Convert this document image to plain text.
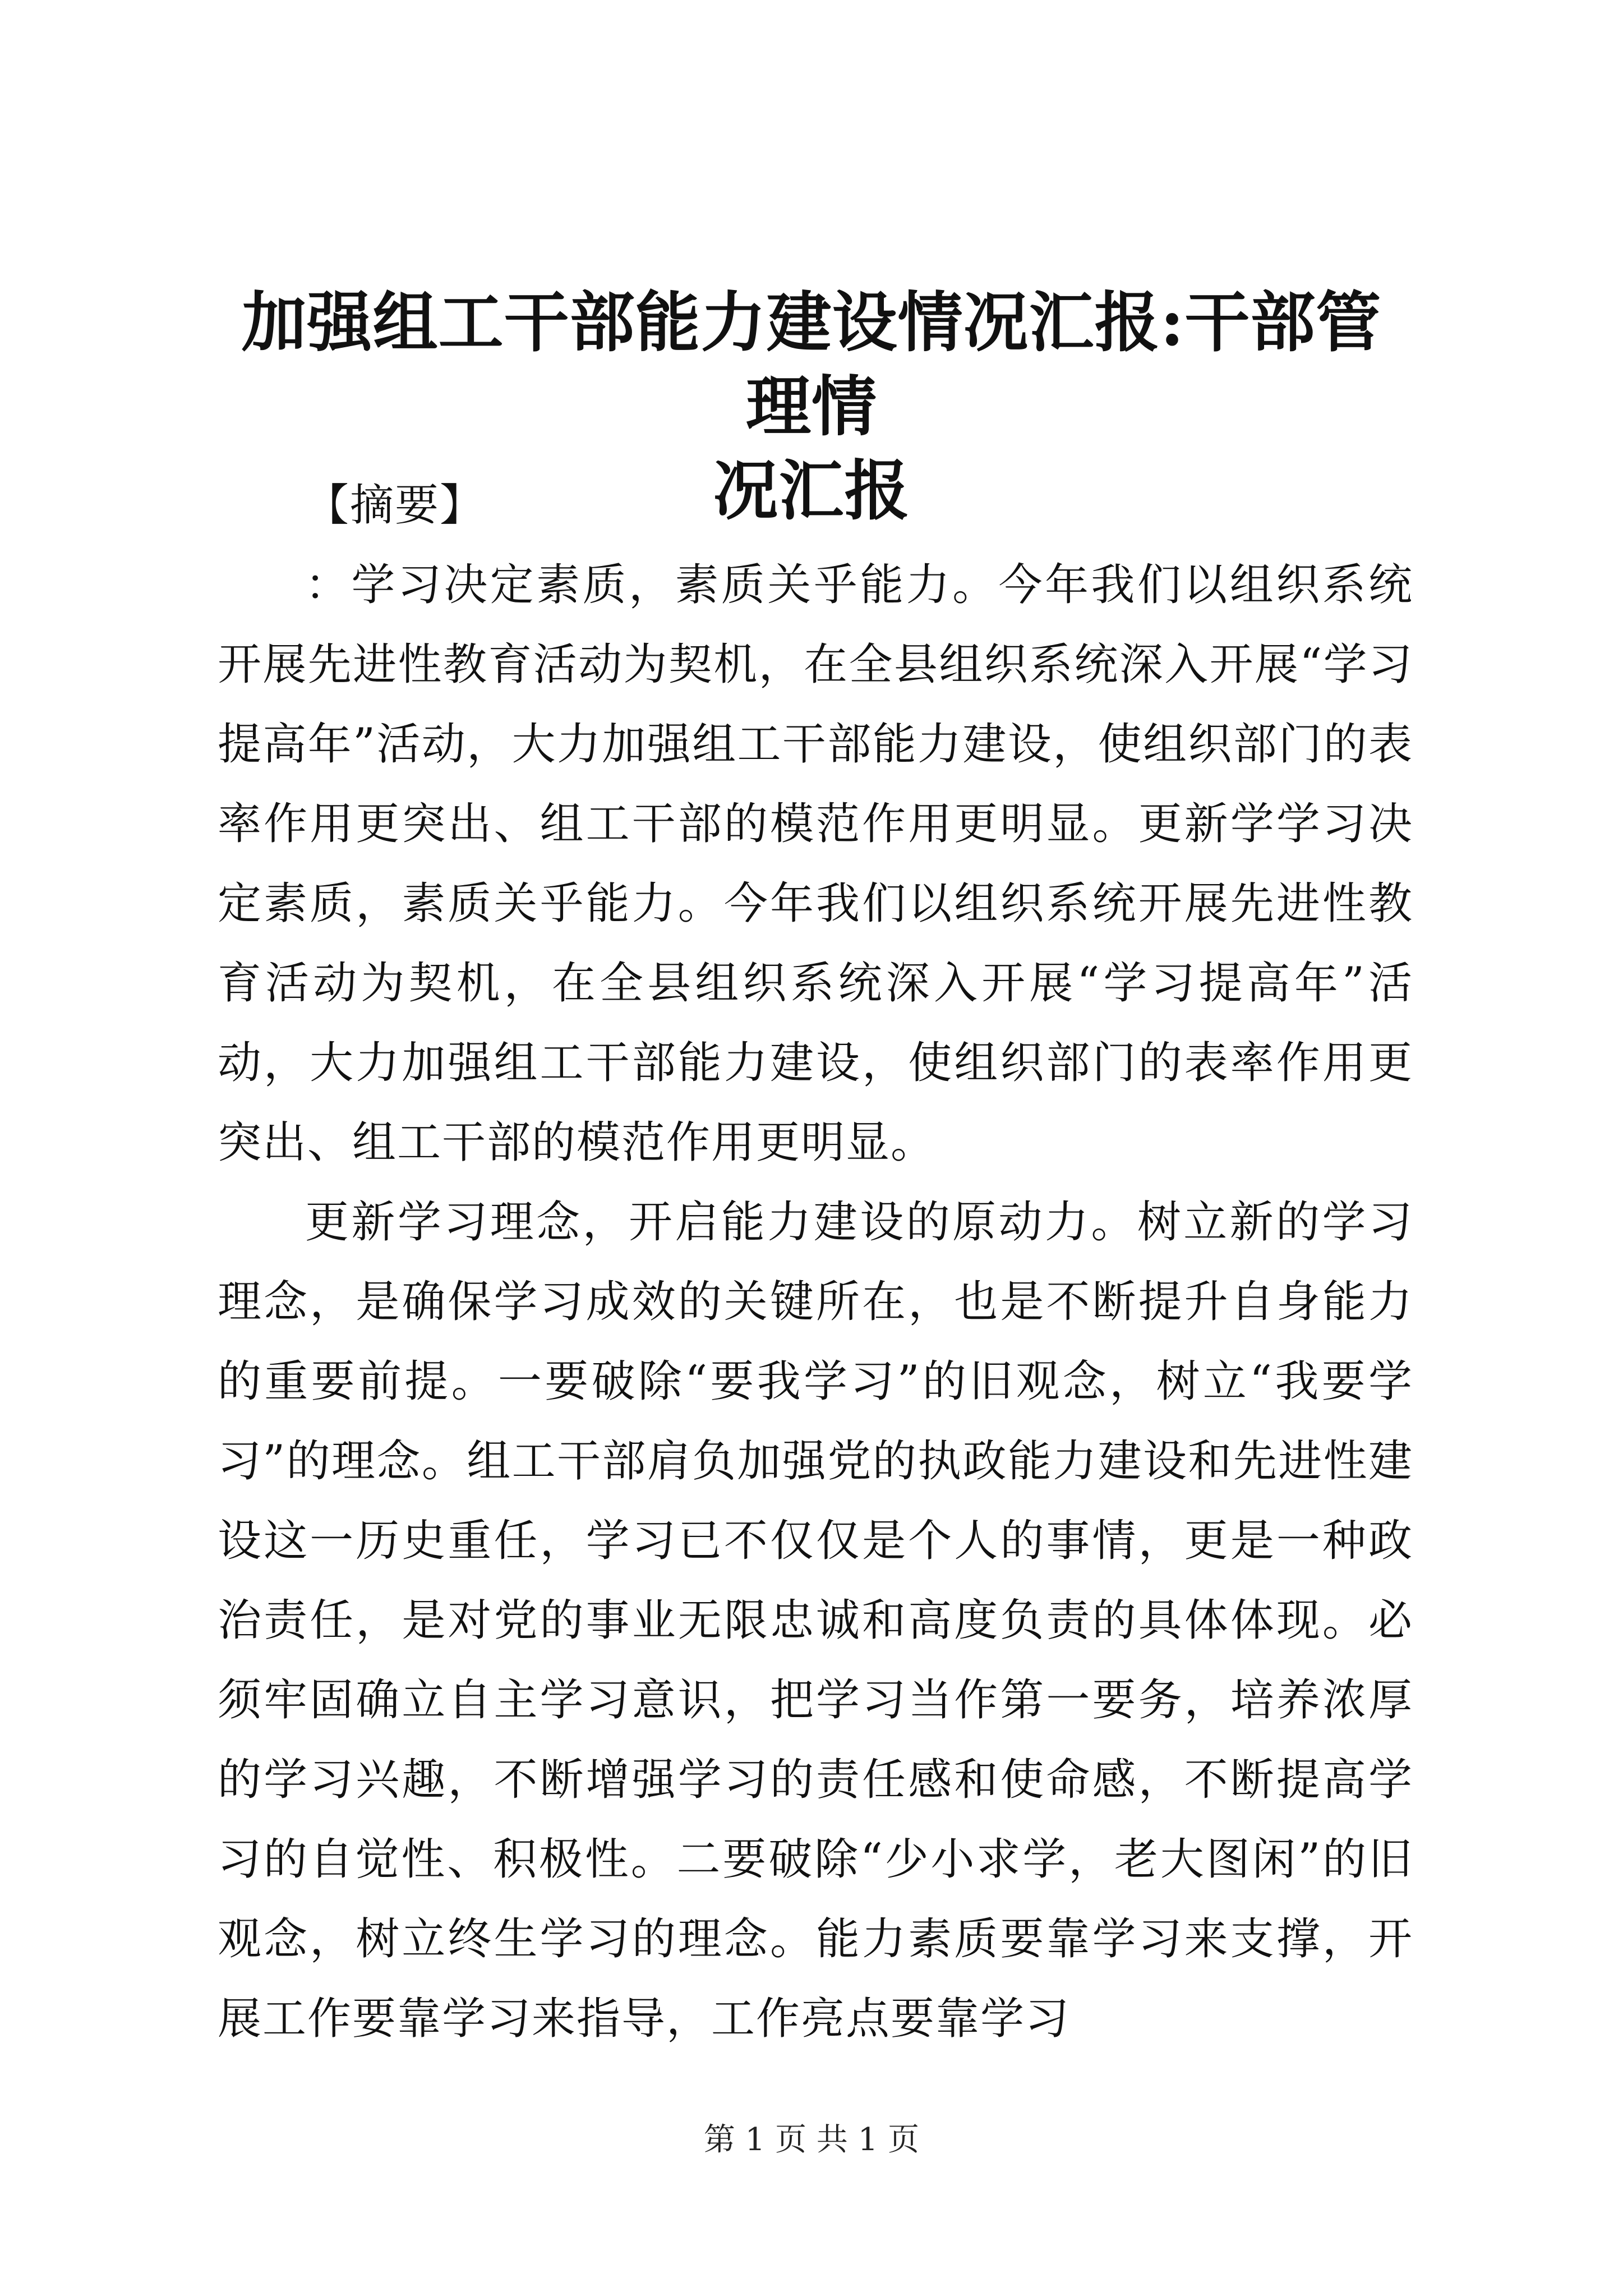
加强组工干部能力建设情况汇报:干部管理情
况汇报

【摘要】

：学习决定素质，素质关乎能力。今年我们以组织系统开展先进性教育活动为契机，在全县组织系统深入开展“学习提高年”活动，大力加强组工干部能力建设，使组织部门的表率作用更突出、组工干部的模范作用更明显。更新学学习决定素质，素质关乎能力。今年我们以组织系统开展先进性教育活动为契机，在全县组织系统深入开展“学习提高年”活动，大力加强组工干部能力建设，使组织部门的表率作用更突出、组工干部的模范作用更明显。

更新学习理念，开启能力建设的原动力。树立新的学习理念，是确保学习成效的关键所在，也是不断提升自身能力的重要前提。一要破除“要我学习”的旧观念，树立“我要学习”的理念。组工干部肩负加强党的执政能力建设和先进性建设这一历史重任，学习已不仅仅是个人的事情，更是一种政治责任，是对党的事业无限忠诚和高度负责的具体体现。必须牢固确立自主学习意识，把学习当作第一要务，培养浓厚的学习兴趣，不断增强学习的责任感和使命感，不断提高学习的自觉性、积极性。二要破除“少小求学，老大图闲”的旧观念，树立终生学习的理念。能力素质要靠学习来支撑，开展工作要靠学习来指导，工作亮点要靠学习

第 1 页 共 1 页
